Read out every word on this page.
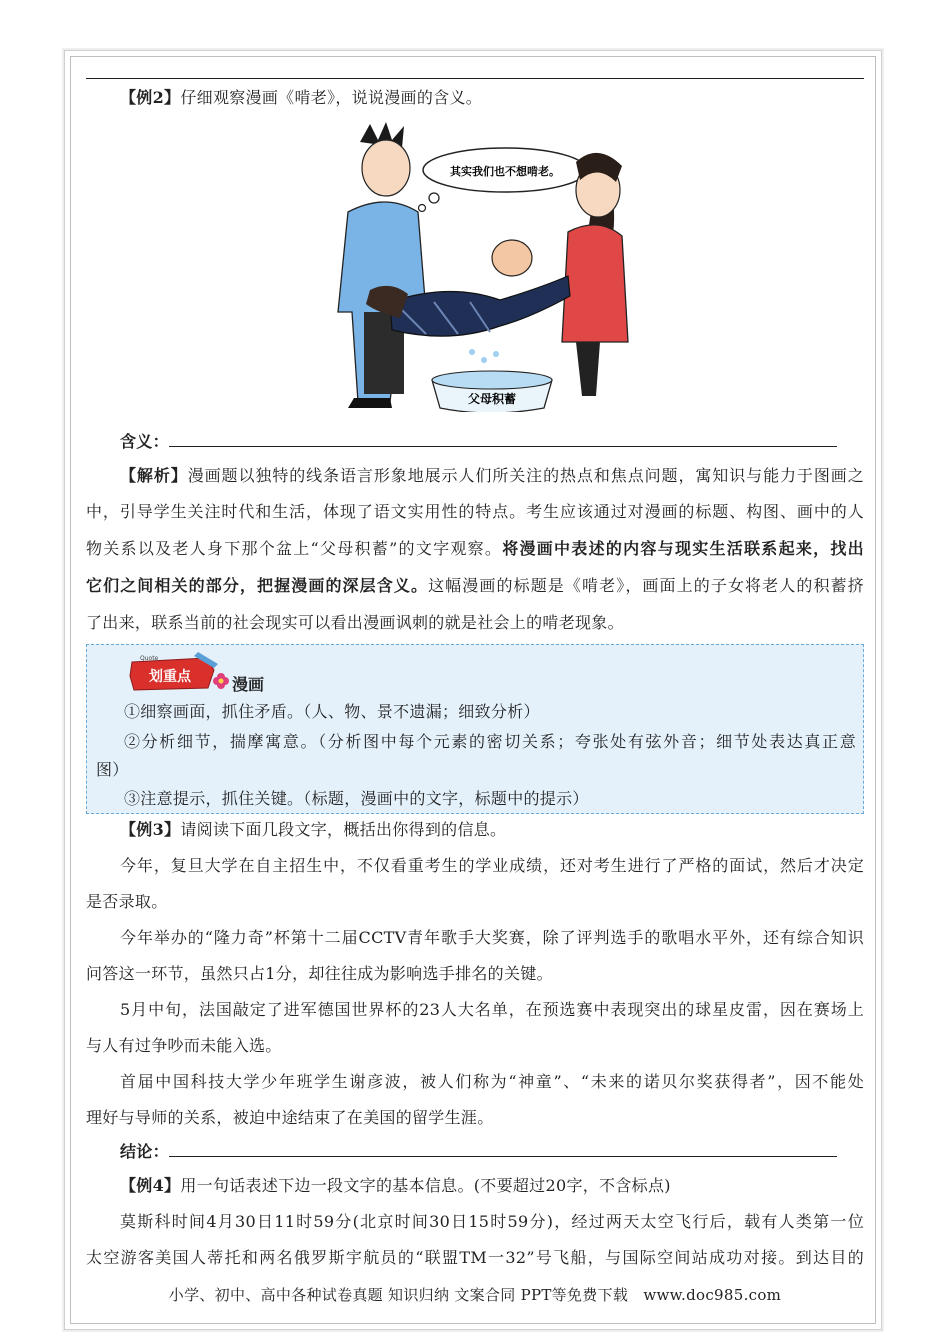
【例2】仔细观察漫画《啃老》，说说漫画的含义。
其实我们也不想啃老。
父母积蓄
含义：
【解析】漫画题以独特的线条语言形象地展示人们所关注的热点和焦点问题，寓知识与能力于图画之
中，引导学生关注时代和生活，体现了语文实用性的特点。考生应该通过对漫画的标题、构图、画中的人
物关系以及老人身下那个盆上“父母积蓄”的文字观察。将漫画中表述的内容与现实生活联系起来，找出
它们之间相关的部分，把握漫画的深层含义。这幅漫画的标题是《啃老》，画面上的子女将老人的积蓄挤
了出来，联系当前的社会现实可以看出漫画讽刺的就是社会上的啃老现象。
Quote
划重点	漫画
①细察画面，抓住矛盾。（人、物、景不遗漏；细致分析）
②分析细节，揣摩寓意。（分析图中每个元素的密切关系；夸张处有弦外音；细节处表达真正意
图）
③注意提示，抓住关键。（标题，漫画中的文字，标题中的提示）
【例3】请阅读下面几段文字，概括出你得到的信息。
今年，复旦大学在自主招生中，不仅看重考生的学业成绩，还对考生进行了严格的面试，然后才决定
是否录取。
今年举办的“隆力奇”杯第十二届CCTV青年歌手大奖赛，除了评判选手的歌唱水平外，还有综合知识
问答这一环节，虽然只占1分，却往往成为影响选手排名的关键。
5月中旬，法国敲定了进军德国世界杯的23人大名单，在预选赛中表现突出的球星皮雷，因在赛场上
与人有过争吵而未能入选。
首届中国科技大学少年班学生谢彦波，被人们称为“神童”、“未来的诺贝尔奖获得者”，因不能处
理好与导师的关系，被迫中途结束了在美国的留学生涯。
结论：
【例4】用一句话表述下边一段文字的基本信息。(不要超过20字，不含标点)
莫斯科时间4月30日11时59分(北京时间30日15时59分)，经过两天太空飞行后，载有人类第一位
太空游客美国人蒂托和两名俄罗斯宇航员的“联盟TM一32”号飞船，与国际空间站成功对接。到达目的
小学、初中、高中各种试卷真题 知识归纳 文案合同 PPT等免费下载 www.doc985.com
